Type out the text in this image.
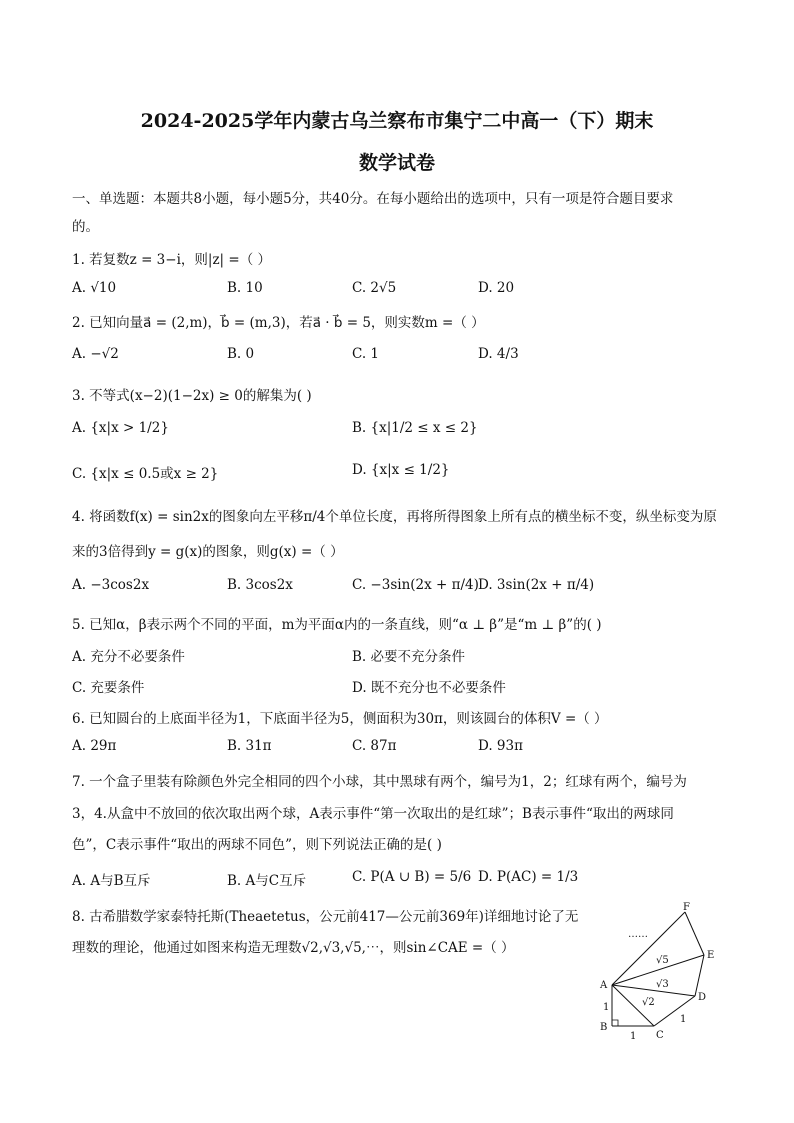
2024-2025学年内蒙古乌兰察布市集宁二中高一（下）期末
数学试卷
一、单选题：本题共8小题，每小题5分，共40分。在每小题给出的选项中，只有一项是符合题目要求
的。
1. 若复数z = 3−i，则|z| =（ ）
A. √10	B. 10	C. 2√5	D. 20
2. 已知向量a⃗ = (2,m)，b⃗ = (m,3)，若a⃗ · b⃗ = 5，则实数m =（ ）
A. −√2	B. 0	C. 1	D. 4/3
3. 不等式(x−2)(1−2x) ≥ 0的解集为( )
A. {x|x > 1/2}	B. {x|1/2 ≤ x ≤ 2}
C. {x|x ≤ 0.5或x ≥ 2}	D. {x|x ≤ 1/2}
4. 将函数f(x) = sin2x的图象向左平移π/4个单位长度，再将所得图象上所有点的横坐标不变，纵坐标变为原
来的3倍得到y = g(x)的图象，则g(x) =（ ）
A. −3cos2x	B. 3cos2x	C. −3sin(2x + π/4) D. 3sin(2x + π/4)
5. 已知α，β表示两个不同的平面，m为平面α内的一条直线，则“α ⊥ β”是“m ⊥ β”的( )
A. 充分不必要条件	B. 必要不充分条件
C. 充要条件	D. 既不充分也不必要条件
6. 已知圆台的上底面半径为1，下底面半径为5，侧面积为30π，则该圆台的体积V =（ ）
A. 29π	B. 31π	C. 87π	D. 93π
7. 一个盒子里装有除颜色外完全相同的四个小球，其中黑球有两个，编号为1，2；红球有两个，编号为
3，4.从盒中不放回的依次取出两个球，A表示事件“第一次取出的是红球”；B表示事件“取出的两球同
色”，C表示事件“取出的两球不同色”，则下列说法正确的是( )
A. A与B互斥	B. A与C互斥	C. P(A ∪ B) = 5/6 D. P(AC) = 1/3
8. 古希腊数学家泰特托斯(Theaetetus，公元前417—公元前369年)详细地讨论了无
理数的理论，他通过如图来构造无理数√2,√3,√5,⋯，则sin∠CAE =（ ）
A
B
C
D
E
F
1
1
1
√2
√3
√5
……
